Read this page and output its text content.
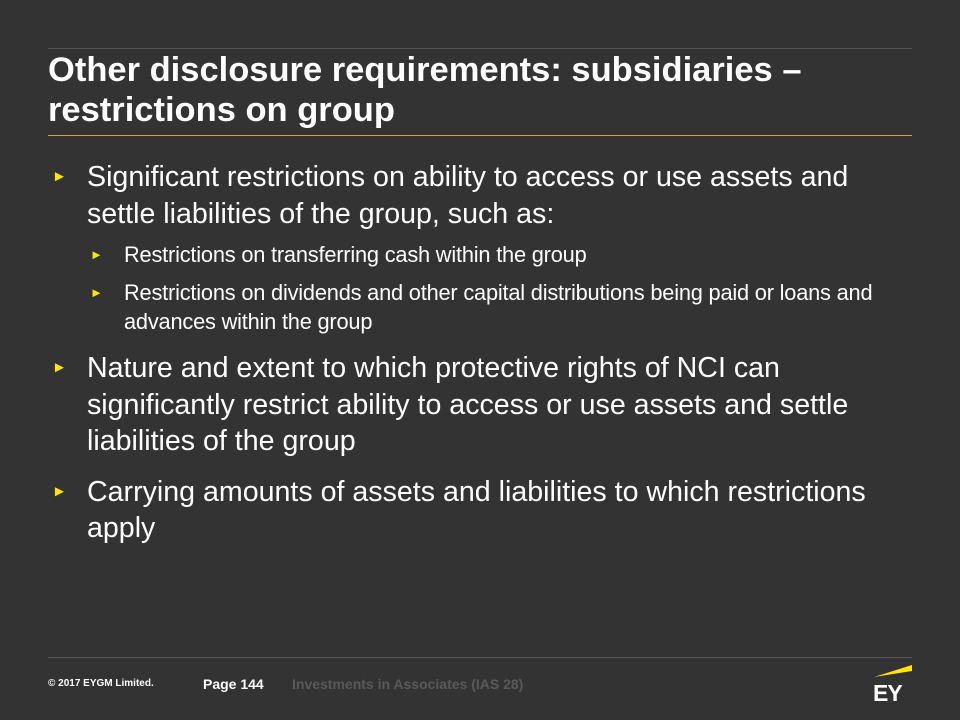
Other disclosure requirements: subsidiaries – restrictions on group
► Significant restrictions on ability to access or use assets and settle liabilities of the group, such as:
► Restrictions on transferring cash within the group
► Restrictions on dividends and other capital distributions being paid or loans and advances within the group
► Nature and extent to which protective rights of NCI can significantly restrict ability to access or use assets and settle liabilities of the group
► Carrying amounts of assets and liabilities to which restrictions apply
© 2017 EYGM Limited.	Page 144 Investments in Associates (IAS 28)	EY
